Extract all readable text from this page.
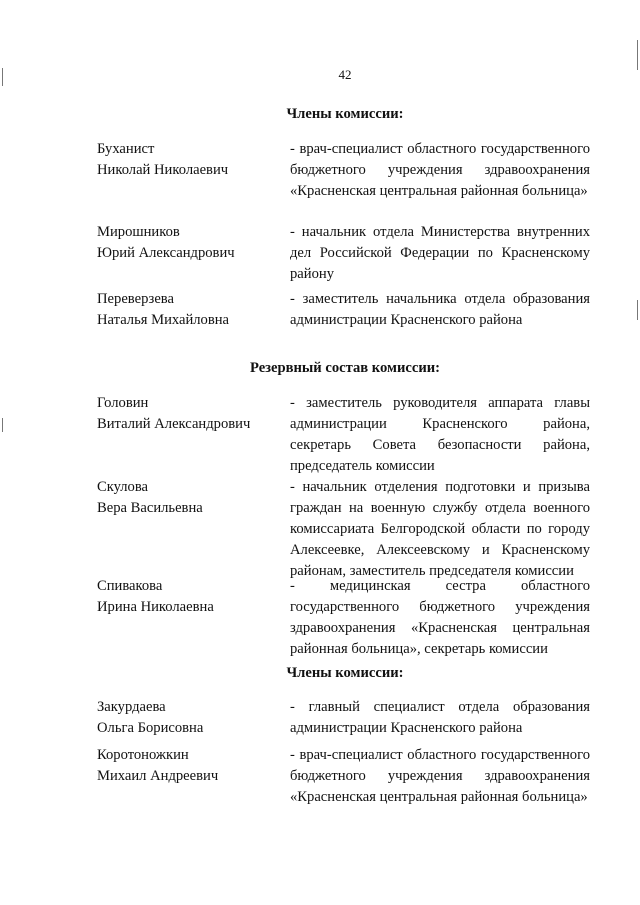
42
Члены комиссии:
Буханист
Николай Николаевич
- врач-специалист областного государственного бюджетного учреждения здравоохранения «Красненская центральная районная больница»
Мирошников
Юрий Александрович
- начальник отдела Министерства внутренних дел Российской Федерации по Красненскому району
Переверзева
Наталья Михайловна
- заместитель начальника отдела образования администрации Красненского района
Резервный состав комиссии:
Головин
Виталий Александрович
- заместитель руководителя аппарата главы администрации Красненского района, секретарь Совета безопасности района, председатель комиссии
Скулова
Вера Васильевна
- начальник отделения подготовки и призыва граждан на военную службу отдела военного комиссариата Белгородской области по городу Алексеевке, Алексеевскому и Красненскому районам, заместитель председателя комиссии
Спивакова
Ирина Николаевна
- медицинская сестра областного государственного бюджетного учреждения здравоохранения «Красненская центральная районная больница», секретарь комиссии
Члены комиссии:
Закурдаева
Ольга Борисовна
- главный специалист отдела образования администрации Красненского района
Коротоножкин
Михаил Андреевич
- врач-специалист областного государственного бюджетного учреждения здравоохранения «Красненская центральная районная больница»
